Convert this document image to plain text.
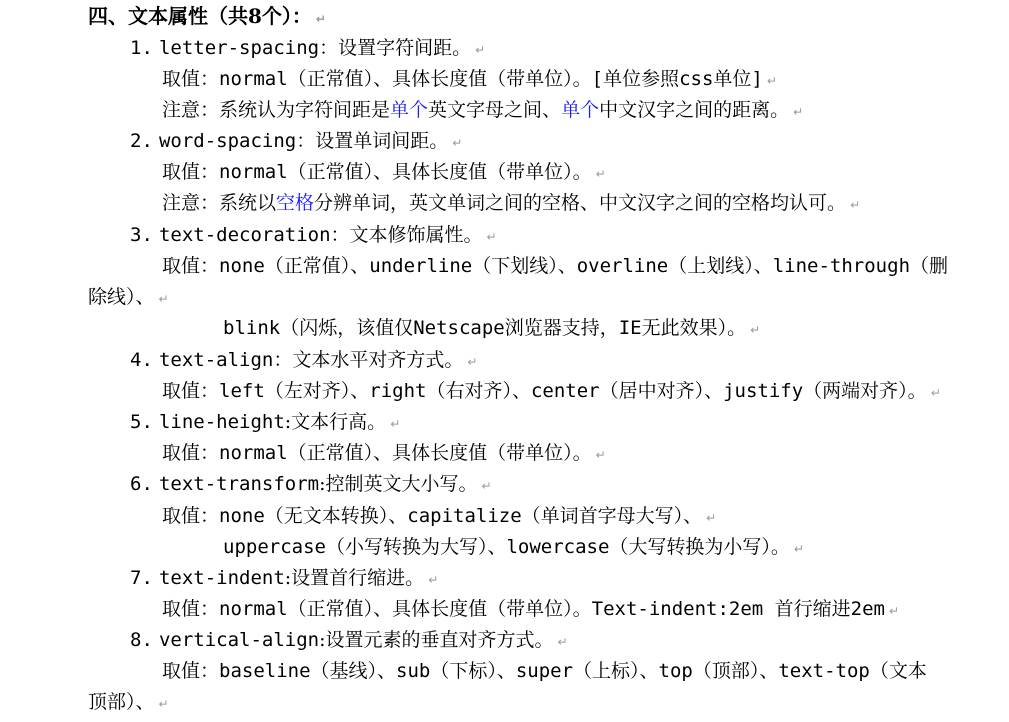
四、文本属性（共8个）： ↵
1. letter-spacing：设置字符间距。 ↵
取值：normal（正常值）、具体长度值（带单位）。[单位参照css单位] ↵
注意：系统认为字符间距是单个英文字母之间、单个中文汉字之间的距离。 ↵
2. word-spacing：设置单词间距。 ↵
取值：normal（正常值）、具体长度值（带单位）。 ↵
注意：系统以空格分辨单词，英文单词之间的空格、中文汉字之间的空格均认可。 ↵
3. text-decoration：文本修饰属性。 ↵
取值：none（正常值）、underline（下划线）、overline（上划线）、line-through（删
除线）、 ↵
blink（闪烁，该值仅Netscape浏览器支持，IE无此效果）。 ↵
4. text-align：文本水平对齐方式。 ↵
取值：left（左对齐）、right（右对齐）、center（居中对齐）、justify（两端对齐）。 ↵
5. line-height:文本行高。 ↵
取值：normal（正常值）、具体长度值（带单位）。 ↵
6. text-transform:控制英文大小写。 ↵
取值：none（无文本转换）、capitalize（单词首字母大写）、 ↵
uppercase（小写转换为大写）、lowercase（大写转换为小写）。 ↵
7. text-indent:设置首行缩进。 ↵
取值：normal（正常值）、具体长度值（带单位）。Text-indent:2em 首行缩进2em ↵
8. vertical-align:设置元素的垂直对齐方式。 ↵
取值：baseline（基线）、sub（下标）、super（上标）、top（顶部）、text-top（文本
顶部）、 ↵
